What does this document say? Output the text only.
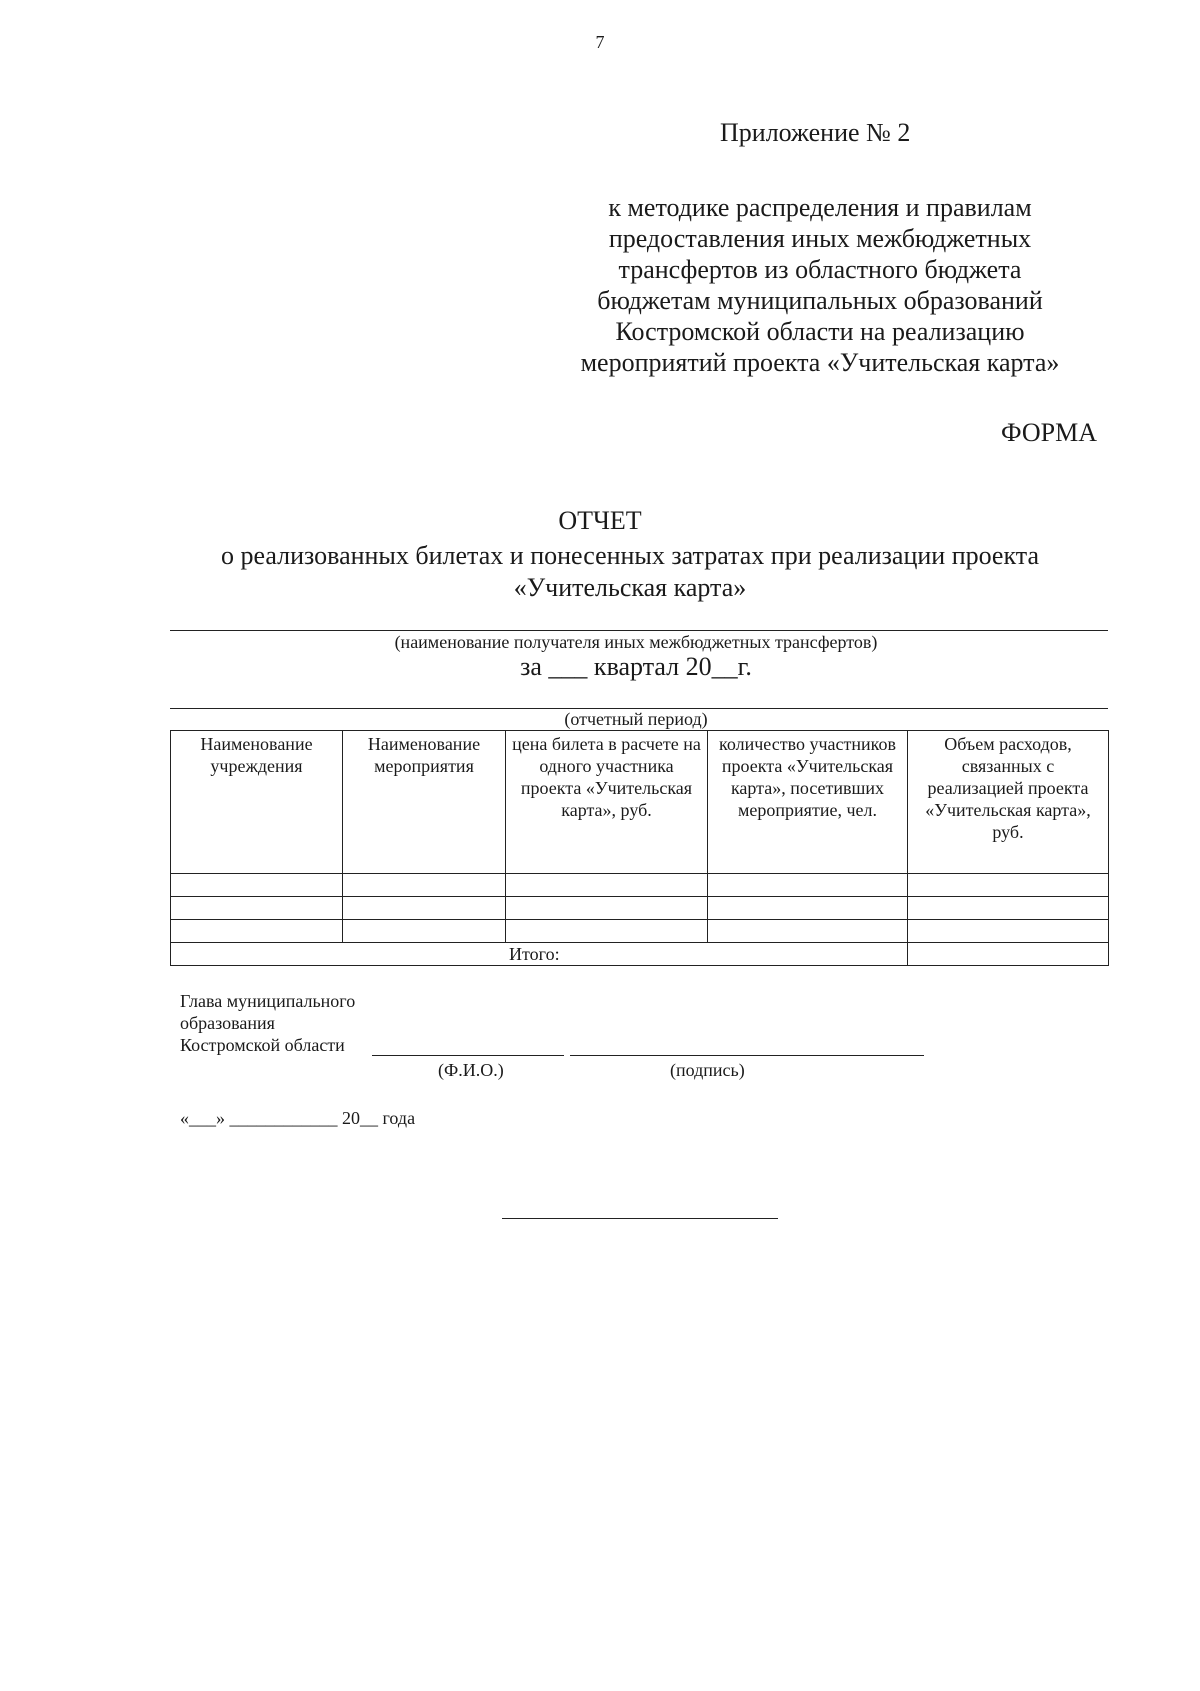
7
Приложение № 2
к методике распределения и правилам
предоставления иных межбюджетных
трансфертов из областного бюджета
бюджетам муниципальных образований
Костромской области на реализацию
мероприятий проекта «Учительская карта»
ФОРМА
ОТЧЕТ
о реализованных билетах и понесенных затратах при реализации проекта
«Учительская карта»
(наименование получателя иных межбюджетных трансфертов)
за ___ квартал 20__г.
(отчетный период)
Наименование учреждения	Наименование мероприятия	цена билета в расчете на одного участника проекта «Учительская карта», руб.	количество участников проекта «Учительская карта», посетивших мероприятие, чел.	Объем расходов, связанных с реализацией проекта «Учительская карта», руб.

Итого:				
Глава муниципального
образования
Костромской области
(Ф.И.О.)	(подпись)
«___» ____________ 20__ года
